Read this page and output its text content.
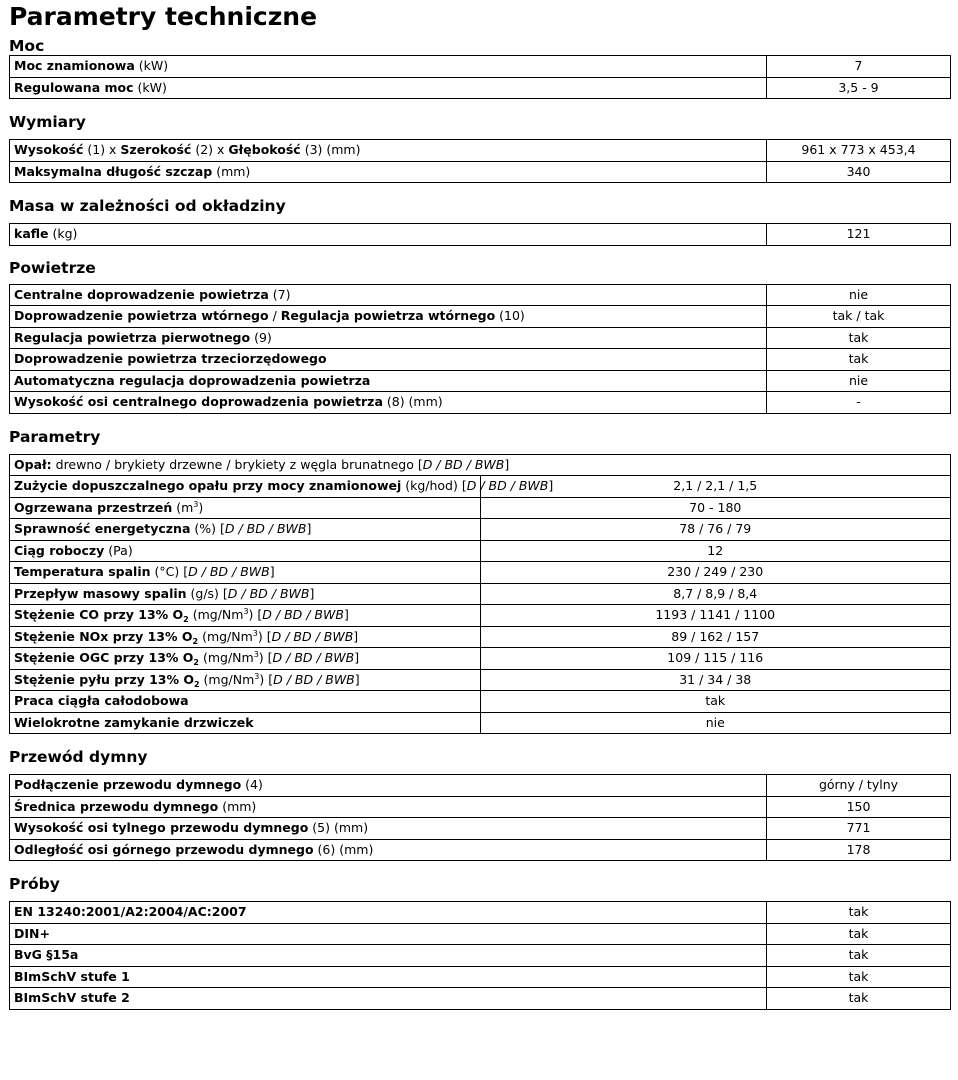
Parametry techniczne
Moc
Moc znamionowa (kW)	7
Regulowana moc (kW)	3,5 - 9
Wymiary
Wysokość (1) x Szerokość (2) x Głębokość (3) (mm)	961 x 773 x 453,4
Maksymalna długość szczap (mm)	340
Masa w zależności od okładziny
kafle (kg)	121
Powietrze
Centralne doprowadzenie powietrza (7)	nie
Doprowadzenie powietrza wtórnego / Regulacja powietrza wtórnego (10)	tak / tak
Regulacja powietrza pierwotnego (9)	tak
Doprowadzenie powietrza trzeciorzędowego	tak
Automatyczna regulacja doprowadzenia powietrza	nie
Wysokość osi centralnego doprowadzenia powietrza (8) (mm)	-
Parametry
Opał: drewno / brykiety drzewne / brykiety z węgla brunatnego [D / BD / BWB]	
Zużycie dopuszczalnego opału przy mocy znamionowej (kg/hod) [D / BD / BWB]	2,1 / 2,1 / 1,5
Ogrzewana przestrzeń $(m^3)$	70 - 180
Sprawność energetyczna (%) [D / BD / BWB]	78 / 76 / 79
Ciąg roboczy (Pa)	12
Temperatura spalin (°C) [D / BD / BWB]	230 / 249 / 230
Przepływ masowy spalin (g/s) [D / BD / BWB]	8,7 / 8,9 / 8,4
Stężenie CO przy 13% $O_2$ (mg/Nm$^3$) [D / BD / BWB]	1193 / 1141 / 1100
Stężenie NOx przy 13% $O_2$ (mg/Nm$^3$) [D / BD / BWB]	89 / 162 / 157
Stężenie OGC przy 13% $O_2$ (mg/Nm$^3$) [D / BD / BWB]	109 / 115 / 116
Stężenie pyłu przy 13% $O_2$ (mg/Nm$^3$) [D / BD / BWB]	31 / 34 / 38
Praca ciągła całodobowa	tak
Wielokrotne zamykanie drzwiczek	nie
Przewód dymny
Podłączenie przewodu dymnego (4)	górny / tylny
Średnica przewodu dymnego (mm)	150
Wysokość osi tylnego przewodu dymnego (5) (mm)	771
Odległość osi górnego przewodu dymnego (6) (mm)	178
Próby
EN 13240:2001/A2:2004/AC:2007	tak
DIN+	tak
BvG §15a	tak
BImSchV stufe 1	tak
BImSchV stufe 2	tak
